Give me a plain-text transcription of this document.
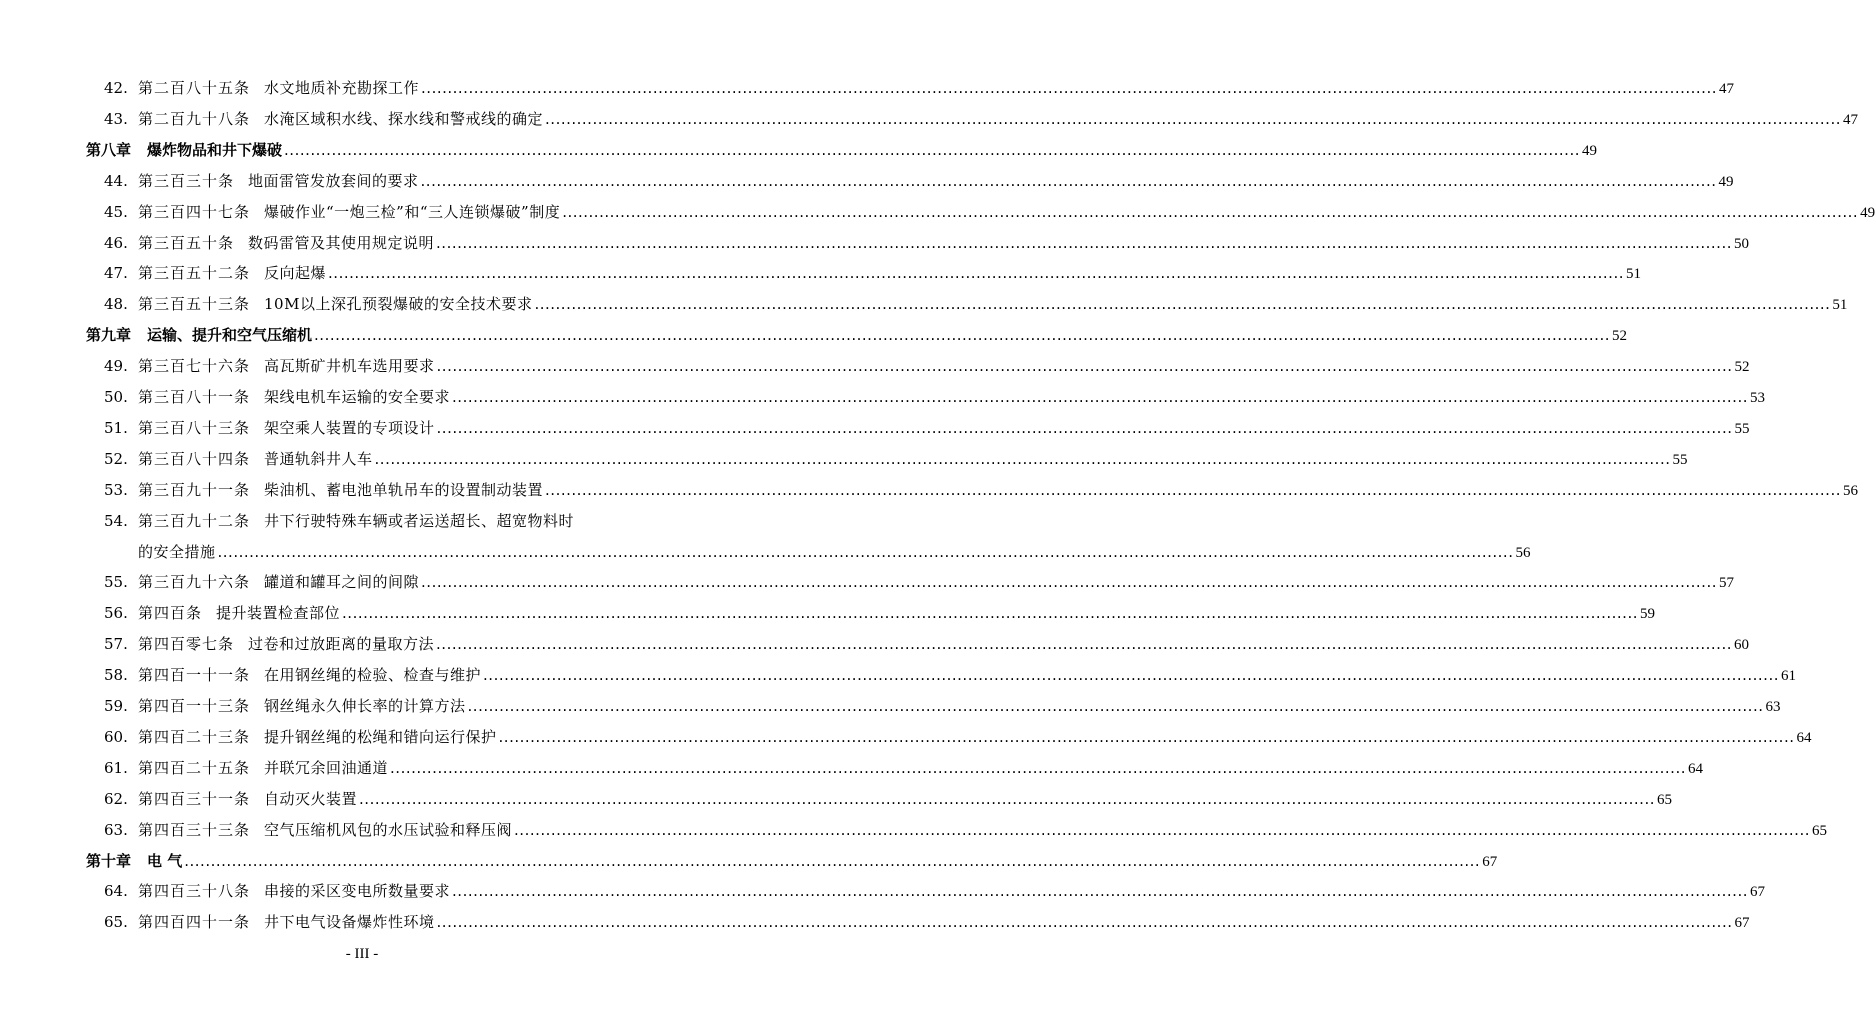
42. 第二百八十五条 水文地质补充勘探工作 .....	47
43. 第二百九十八条 水淹区域积水线、探水线和警戒线的确定 .....	47
第八章 爆炸物品和井下爆破 .....	49
44. 第三百三十条 地面雷管发放套间的要求 .....	49
45. 第三百四十七条 爆破作业“一炮三检”和“三人连锁爆破”制度 .....	49
46. 第三百五十条 数码雷管及其使用规定说明 .....	50
47. 第三百五十二条 反向起爆 .....	51
48. 第三百五十三条 10M以上深孔预裂爆破的安全技术要求 .....	51
第九章 运输、提升和空气压缩机 .....	52
49. 第三百七十六条 高瓦斯矿井机车选用要求 .....	52
50. 第三百八十一条 架线电机车运输的安全要求 .....	53
51. 第三百八十三条 架空乘人装置的专项设计 .....	55
52. 第三百八十四条 普通轨斜井人车 .....	55
53. 第三百九十一条 柴油机、蓄电池单轨吊车的设置制动装置 .....	56
54. 第三百九十二条 井下行驶特殊车辆或者运送超长、超宽物料时
的安全措施 .....	56
55. 第三百九十六条 罐道和罐耳之间的间隙 .....	57
56. 第四百条 提升装置检查部位 .....	59
57. 第四百零七条 过卷和过放距离的量取方法 .....	60
58. 第四百一十一条 在用钢丝绳的检验、检查与维护 .....	61
59. 第四百一十三条 钢丝绳永久伸长率的计算方法 .....	63
60. 第四百二十三条 提升钢丝绳的松绳和错向运行保护 .....	64
61. 第四百二十五条 并联冗余回油通道 .....	64
62. 第四百三十一条 自动灭火装置 .....	65
63. 第四百三十三条 空气压缩机风包的水压试验和释压阀 .....	65
第十章 电 气 .....	67
64. 第四百三十八条 串接的采区变电所数量要求 .....	67
65. 第四百四十一条 井下电气设备爆炸性环境 .....	67
- III -
